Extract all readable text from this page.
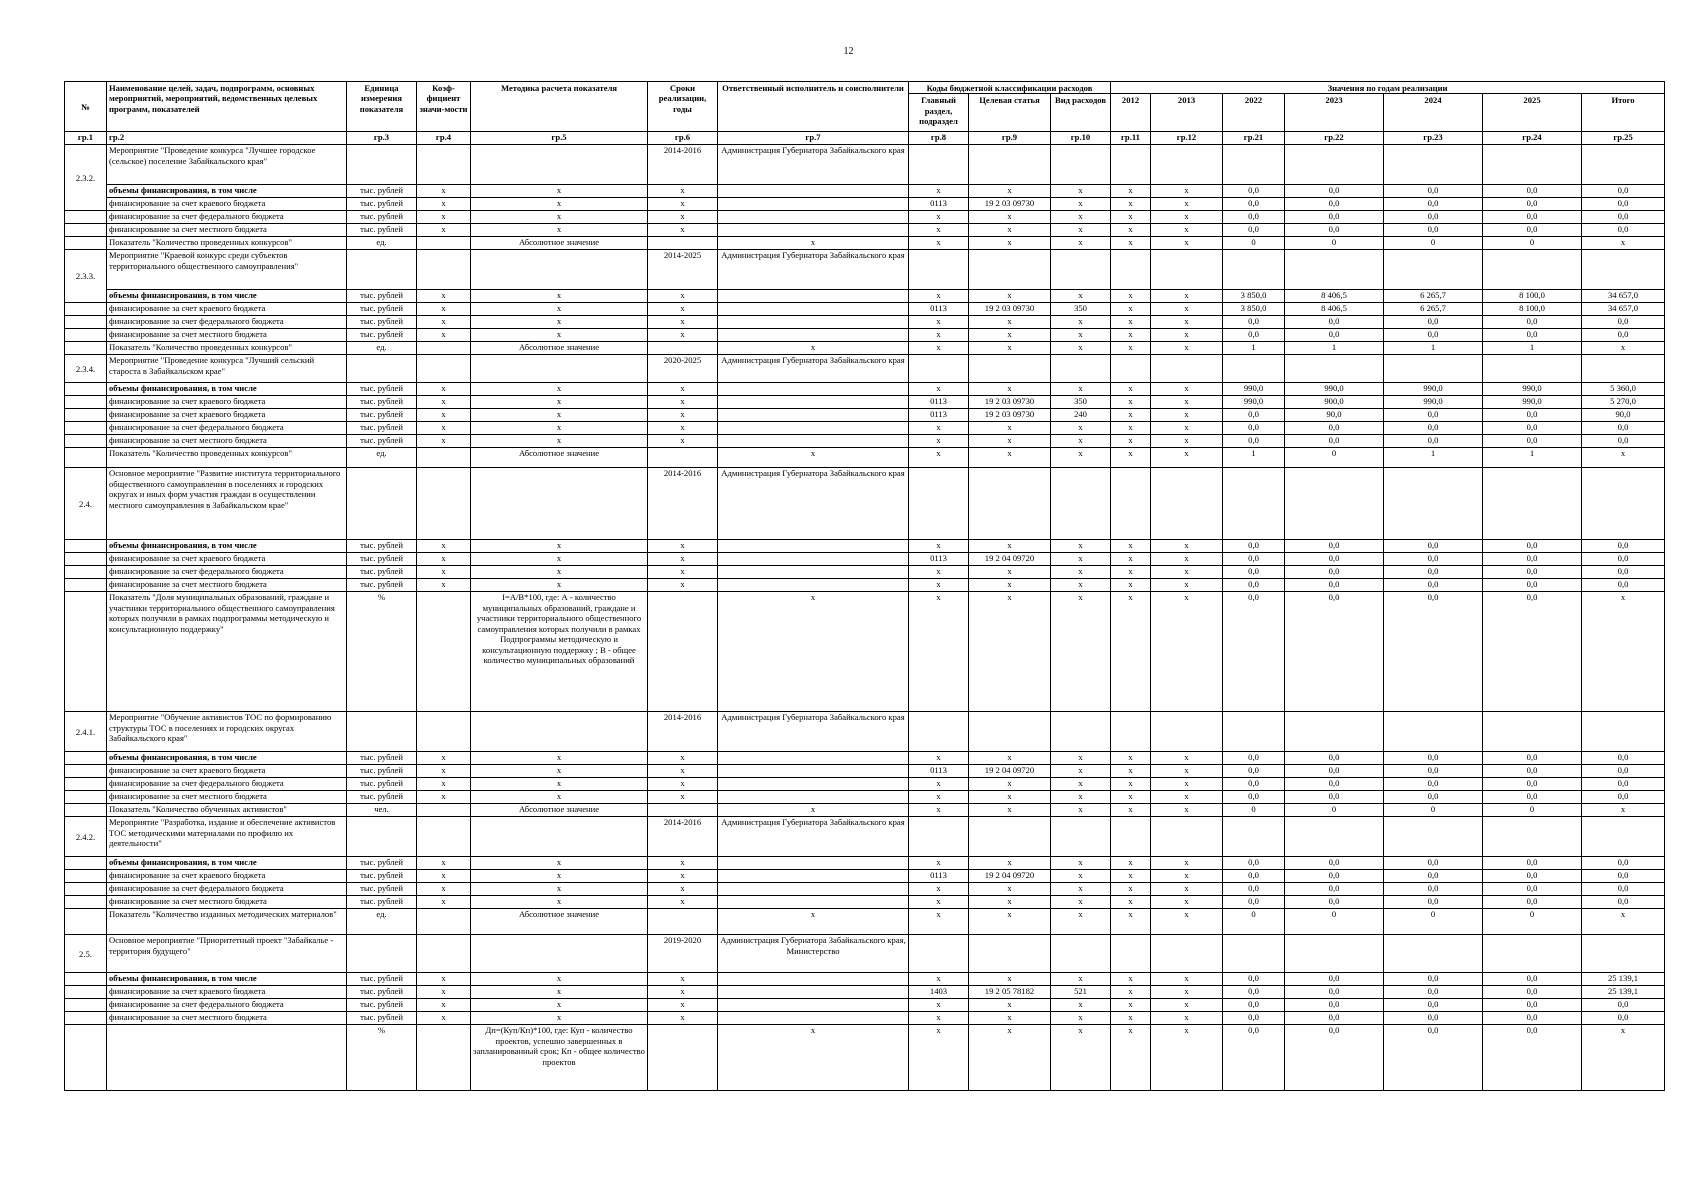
12
№	Наименование целей, задач, подпрограмм, основных мероприятий, мероприятий, ведомственных целевых программ, показателей	Единица измерения показателя	Коэф-фициент значи-мости	Методика расчета показателя	Сроки реализации, годы	Ответственный исполнитель и соисполнители	Коды бюджетной классификации расходов			Значения по годам реализации						
							Главный раздел, подраздел	Целевая статья	Вид расходов	2012	2013	2022	2023	2024	2025	Итого
гр.1	гр.2	гр.3	гр.4	гр.5	гр.6	гр.7	гр.8	гр.9	гр.10	гр.11	гр.12	гр.21	гр.22	гр.23	гр.24	гр.25
2.3.2.	Мероприятие "Проведение конкурса "Лучшее городское (сельское) поселение Забайкальского края"				2014-2016	Администрация Губернатора Забайкальского края										
	объемы финансирования, в том числе	тыс. рублей	x	x	x		x	x	x	x	x	0,0	0,0	0,0	0,0	0,0
	финансирование за счет краевого бюджета	тыс. рублей	x	x	x		0113	19 2 03 09730	x	x	x	0,0	0,0	0,0	0,0	0,0
	финансирование за счет федерального бюджета	тыс. рублей	x	x	x		x	x	x	x	x	0,0	0,0	0,0	0,0	0,0
	финансирование за счет местного бюджета	тыс. рублей	x	x	x		x	x	x	x	x	0,0	0,0	0,0	0,0	0,0
	Показатель "Количество проведенных конкурсов"	ед.		Абсолютное значение		x	x	x	x	x	x	0	0	0	0	x
2.3.3.	Мероприятие "Краевой конкурс среди субъектов территориального общественного самоуправления"				2014-2025	Администрация Губернатора Забайкальского края										
	объемы финансирования, в том числе	тыс. рублей	x	x	x		x	x	x	x	x	3 850,0	8 406,5	6 265,7	8 100,0	34 657,0
	финансирование за счет краевого бюджета	тыс. рублей	x	x	x		0113	19 2 03 09730	350	x	x	3 850,0	8 406,5	6 265,7	8 100,0	34 657,0
	финансирование за счет федерального бюджета	тыс. рублей	x	x	x		x	x	x	x	x	0,0	0,0	0,0	0,0	0,0
	финансирование за счет местного бюджета	тыс. рублей	x	x	x		x	x	x	x	x	0,0	0,0	0,0	0,0	0,0
	Показатель "Количество проведенных конкурсов"	ед.		Абсолютное значение		x	x	x	x	x	x	1	1	1	1	x
2.3.4.	Мероприятие "Проведение конкурса "Лучший сельский староста в Забайкальском крае"				2020-2025	Администрация Губернатора Забайкальского края										
	объемы финансирования, в том числе	тыс. рублей	x	x	x		x	x	x	x	x	990,0	990,0	990,0	990,0	5 360,0
	финансирование за счет краевого бюджета	тыс. рублей	x	x	x		0113	19 2 03 09730	350	x	x	990,0	900,0	990,0	990,0	5 270,0
	финансирование за счет краевого бюджета	тыс. рублей	x	x	x		0113	19 2 03 09730	240	x	x	0,0	90,0	0,0	0,0	90,0
	финансирование за счет федерального бюджета	тыс. рублей	x	x	x		x	x	x	x	x	0,0	0,0	0,0	0,0	0,0
	финансирование за счет местного бюджета	тыс. рублей	x	x	x		x	x	x	x	x	0,0	0,0	0,0	0,0	0,0
	Показатель "Количество проведенных конкурсов"	ед.		Абсолютное значение		x	x	x	x	x	x	1	0	1	1	x
2.4.	Основное мероприятие "Развитие института территориального общественного самоуправления в поселениях и городских округах и иных форм участия граждан в осуществлении местного самоуправления в Забайкальском крае"				2014-2016	Администрация Губернатора Забайкальского края										
	объемы финансирования, в том числе	тыс. рублей	x	x	x		x	x	x	x	x	0,0	0,0	0,0	0,0	0,0
	финансирование за счет краевого бюджета	тыс. рублей	x	x	x		0113	19 2 04 09720	x	x	x	0,0	0,0	0,0	0,0	0,0
	финансирование за счет федерального бюджета	тыс. рублей	x	x	x		x	x	x	x	x	0,0	0,0	0,0	0,0	0,0
	финансирование за счет местного бюджета	тыс. рублей	x	x	x		x	x	x	x	x	0,0	0,0	0,0	0,0	0,0
	Показатель "Доля муниципальных образований, граждане и участники территориального общественного самоуправления которых получили в рамках подпрограммы методическую и консультационную поддержку"	%		I=A/B*100, где: А - количество муниципальных образований, граждане и участники территориального общественного самоуправления которых получили в рамках Подпрограммы методическую и консультационную поддержку ; В - общее количество муниципальных образований		x	x	x	x	x	x	0,0	0,0	0,0	0,0	x
2.4.1.	Мероприятие "Обучение активистов ТОС по формированию структуры ТОС в поселениях и городских округах Забайкальского края"				2014-2016	Администрация Губернатора Забайкальского края										
	объемы финансирования, в том числе	тыс. рублей	x	x	x		x	x	x	x	x	0,0	0,0	0,0	0,0	0,0
	финансирование за счет краевого бюджета	тыс. рублей	x	x	x		0113	19 2 04 09720	x	x	x	0,0	0,0	0,0	0,0	0,0
	финансирование за счет федерального бюджета	тыс. рублей	x	x	x		x	x	x	x	x	0,0	0,0	0,0	0,0	0,0
	финансирование за счет местного бюджета	тыс. рублей	x	x	x		x	x	x	x	x	0,0	0,0	0,0	0,0	0,0
	Показатель "Количество обученных активистов"	чел.		Абсолютное значение		x	x	x	x	x	x	0	0	0	0	x
2.4.2.	Мероприятие "Разработка, издание и обеспечение активистов ТОС методическими материалами по профилю их деятельности"				2014-2016	Администрация Губернатора Забайкальского края										
	объемы финансирования, в том числе	тыс. рублей	x	x	x		x	x	x	x	x	0,0	0,0	0,0	0,0	0,0
	финансирование за счет краевого бюджета	тыс. рублей	x	x	x		0113	19 2 04 09720	x	x	x	0,0	0,0	0,0	0,0	0,0
	финансирование за счет федерального бюджета	тыс. рублей	x	x	x		x	x	x	x	x	0,0	0,0	0,0	0,0	0,0
	финансирование за счет местного бюджета	тыс. рублей	x	x	x		x	x	x	x	x	0,0	0,0	0,0	0,0	0,0
	Показатель "Количество изданных методических материалов"	ед.		Абсолютное значение		x	x	x	x	x	x	0	0	0	0	x
2.5.	Основное мероприятие "Приоритетный проект "Забайкалье - территория будущего"				2019-2020	Администрация Губернатора Забайкальского края, Министерство										
	объемы финансирования, в том числе	тыс. рублей	x	x	x		x	x	x	x	x	0,0	0,0	0,0	0,0	25 139,1
	финансирование за счет краевого бюджета	тыс. рублей	x	x	x		1403	19 2 05 78182	521	x	x	0,0	0,0	0,0	0,0	25 139,1
	финансирование за счет федерального бюджета	тыс. рублей	x	x	x		x	x	x	x	x	0,0	0,0	0,0	0,0	0,0
	финансирование за счет местного бюджета	тыс. рублей	x	x	x		x	x	x	x	x	0,0	0,0	0,0	0,0	0,0
		%		Дп=(Куп/Кп)*100, где: Куп - количество проектов, успешно завершенных в запланированный срок; Кп - общее количество проектов		x	x	x	x	x	x	0,0	0,0	0,0	0,0	x
